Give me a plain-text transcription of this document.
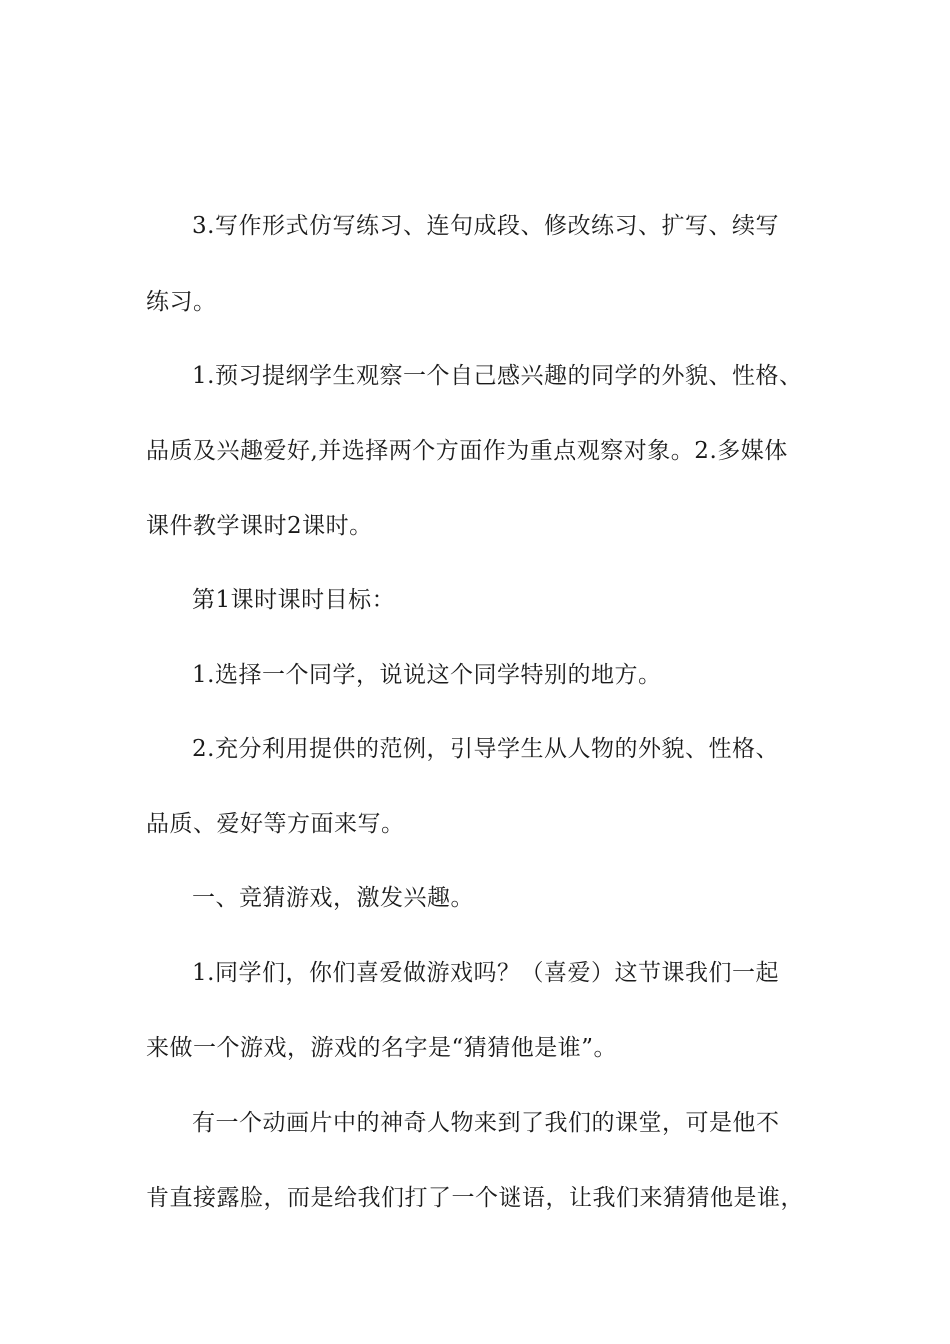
3.写作形式仿写练习、连句成段、修改练习、扩写、续写
练习。
1.预习提纲学生观察一个自己感兴趣的同学的外貌、性格、
品质及兴趣爱好,并选择两个方面作为重点观察对象。2.多媒体
课件教学课时2课时。
第1课时课时目标：
1.选择一个同学，说说这个同学特别的地方。
2.充分利用提供的范例，引导学生从人物的外貌、性格、
品质、爱好等方面来写。
一、竞猜游戏，激发兴趣。
1.同学们，你们喜爱做游戏吗？（喜爱）这节课我们一起
来做一个游戏，游戏的名字是“猜猜他是谁”。
有一个动画片中的神奇人物来到了我们的课堂，可是他不
肯直接露脸，而是给我们打了一个谜语，让我们来猜猜他是谁，
